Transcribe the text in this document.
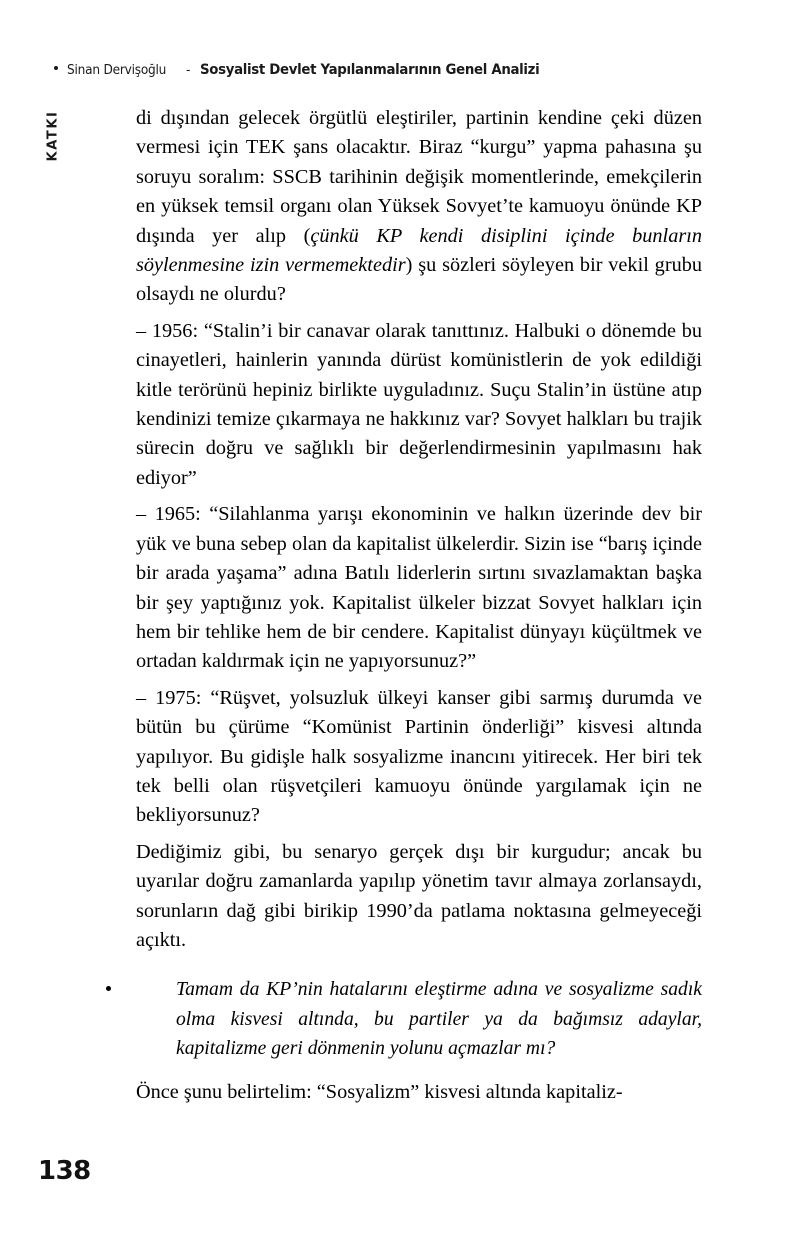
Sinan Dervişoğlu - Sosyalist Devlet Yapılanmalarının Genel Analizi
KATKI	di dışından gelecek örgütlü eleştiriler, partinin kendine çeki düzen vermesi için TEK şans olacaktır. Biraz “kurgu” yapma pahasına şu soruyu soralım: SSCB tarihinin değişik momentlerinde, emekçilerin en yüksek temsil organı olan Yüksek Sovyet’te kamuoyu önünde KP dışında yer alıp (çünkü KP kendi disiplini içinde bunların söylenmesine izin vermemektedir) şu sözleri söyleyen bir vekil grubu olsaydı ne olurdu?

– 1956: “Stalin’i bir canavar olarak tanıttınız. Halbuki o dönemde bu cinayetleri, hainlerin yanında dürüst komünistlerin de yok edildiği kitle terörünü hepiniz birlikte uyguladınız. Suçu Stalin’in üstüne atıp kendinizi temize çıkarmaya ne hakkınız var? Sovyet halkları bu trajik sürecin doğru ve sağlıklı bir değerlendirmesinin yapılmasını hak ediyor”

– 1965: “Silahlanma yarışı ekonominin ve halkın üzerinde dev bir yük ve buna sebep olan da kapitalist ülkelerdir. Sizin ise “barış içinde bir arada yaşama” adına Batılı liderlerin sırtını sıvazlamaktan başka bir şey yaptığınız yok. Kapitalist ülkeler bizzat Sovyet halkları için hem bir tehlike hem de bir cendere. Kapitalist dünyayı küçültmek ve ortadan kaldırmak için ne yapıyorsunuz?”

– 1975: “Rüşvet, yolsuzluk ülkeyi kanser gibi sarmış durumda ve bütün bu çürüme “Komünist Partinin önderliği” kisvesi altında yapılıyor. Bu gidişle halk sosyalizme inancını yitirecek. Her biri tek tek belli olan rüşvetçileri kamuoyu önünde yargılamak için ne bekliyorsunuz?

Dediğimiz gibi, bu senaryo gerçek dışı bir kurgudur; ancak bu uyarılar doğru zamanlarda yapılıp yönetim tavır almaya zorlansaydı, sorunların dağ gibi birikip 1990’da patlama noktasına gelmeyeceği açıktı.

Tamam da KP’nin hatalarını eleştirme adına ve sosyalizme sadık olma kisvesi altında, bu partiler ya da bağımsız adaylar, kapitalizme geri dönmenin yolunu açmazlar mı?

Önce şunu belirtelim: “Sosyalizm” kisvesi altında kapitaliz-

138
